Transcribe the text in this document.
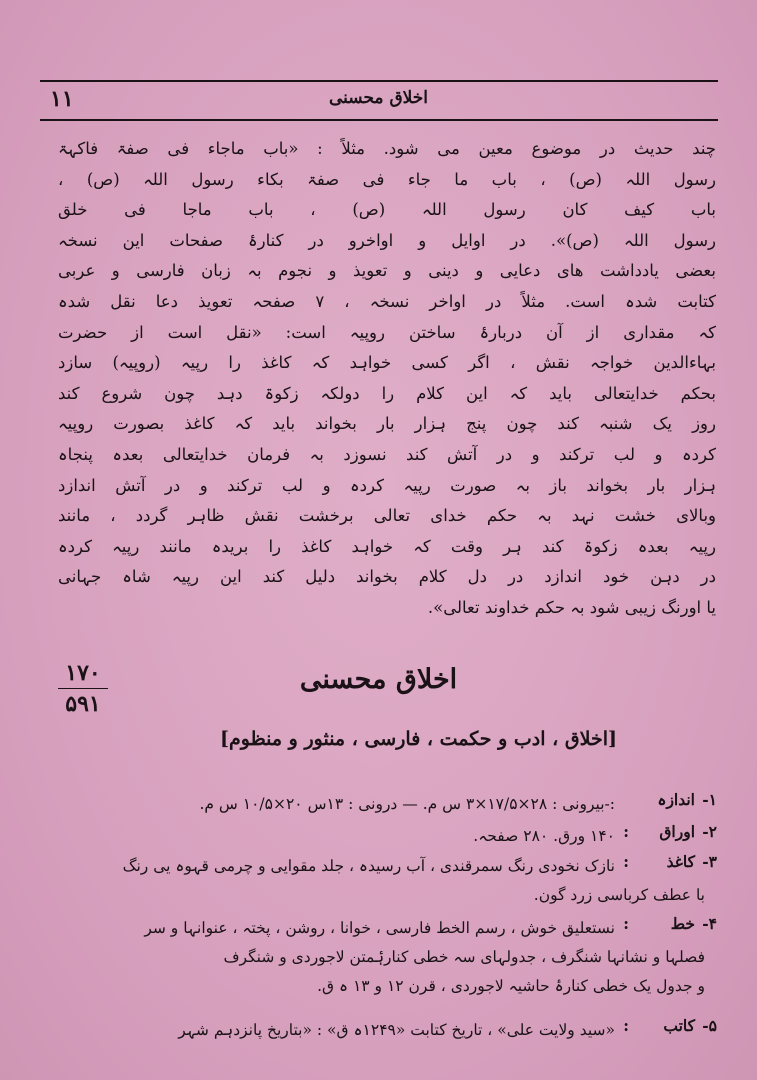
اخلاق محسنی
۱۱

چند حدیث در موضوع معین می شود. مثلاً : «باب ماجاء فی صفۃ فاکہۃ

رسول اللہ (ص) ، باب ما جاء فی صفۃ بکاء رسول اللہ (ص) ،

باب کیف کان رسول اللہ (ص) ، باب ماجا فی خلق

رسول اللہ (ص)». در اوایل و اواخرو در کنارۂ صفحات این نسخہ

بعضی یادداشت های دعایی و دینی و تعویذ و نجوم بہ زبان فارسی و عربی

کتابت شدہ است. مثلاً در اواخر نسخہ ، ۷ صفحہ تعویذ دعا نقل شدہ

کہ مقداری از آن دربارۂ ساختن روپیہ است: «نقل است از حضرت

بہاءالدین خواجہ نقش ، اگر کسی خواہد کہ کاغذ را رپیہ (روپیہ) سازد

بحکم خدایتعالی باید کہ این کلام را دولکہ زکوۃ دہد چون شروع کند

روز یک شنبہ کند چون پنج ہزار بار بخواند باید کہ کاغذ بصورت روپیہ

کردہ و لب ترکند و در آتش کند نسوزد بہ فرمان خدایتعالی بعدہ پنجاہ

ہزار بار بخواند باز بہ صورت رپیہ کردہ و لب ترکند و در آتش اندازد

وبالای خشت نہد بہ حکم خدای تعالی برخشت نقش ظاہر گردد ، مانند

رپیہ بعدہ زکوۃ کند ہر وقت کہ خواہد کاغذ را بریدہ مانند رپیہ کردہ

در دہن خود اندازد در دل کلام بخواند دلیل کند این رپیہ شاہ جہانی

یا اورنگ زیبی شود بہ حکم خداوند تعالی».

۱۷۰
۵۹۱
اخلاق محسنی
[اخلاق ، ادب و حکمت ، فارسی ، منثور و منظوم]
۱-
اندازہ

:-بیرونی : ۲۸×۱۷/۵×۳ س م. — درونی : ۱۳س ۲۰×۱۰/۵ س م.

۲-
اوراق
:

۱۴۰ ورق. ۲۸۰ صفحہ.

۳-
کاغذ
:

نازک نخودی رنگ سمرقندی ، آب رسیدہ ، جلد مقوایی و چرمی قہوہ یی رنگ

با عطف کرباسی زرد گون.

۴-
خط
:

نستعلیق خوش ، رسم الخط فارسی ، خوانا ، روشن ، پختہ ، عنوانہا و سر

فصلہا و نشانہا شنگرف ، جدولہای سہ خطی کنارۂمتن لاجوردی و شنگرف

و جدول یک خطی کنارۂ حاشیہ لاجوردی ، قرن ۱۲ و ۱۳ ہ ق.

۵-
کاتب
:

«سید ولایت علی» ، تاریخ کتابت «۱۲۴۹ہ ق» : «بتاریخ پانزدہم شہر
